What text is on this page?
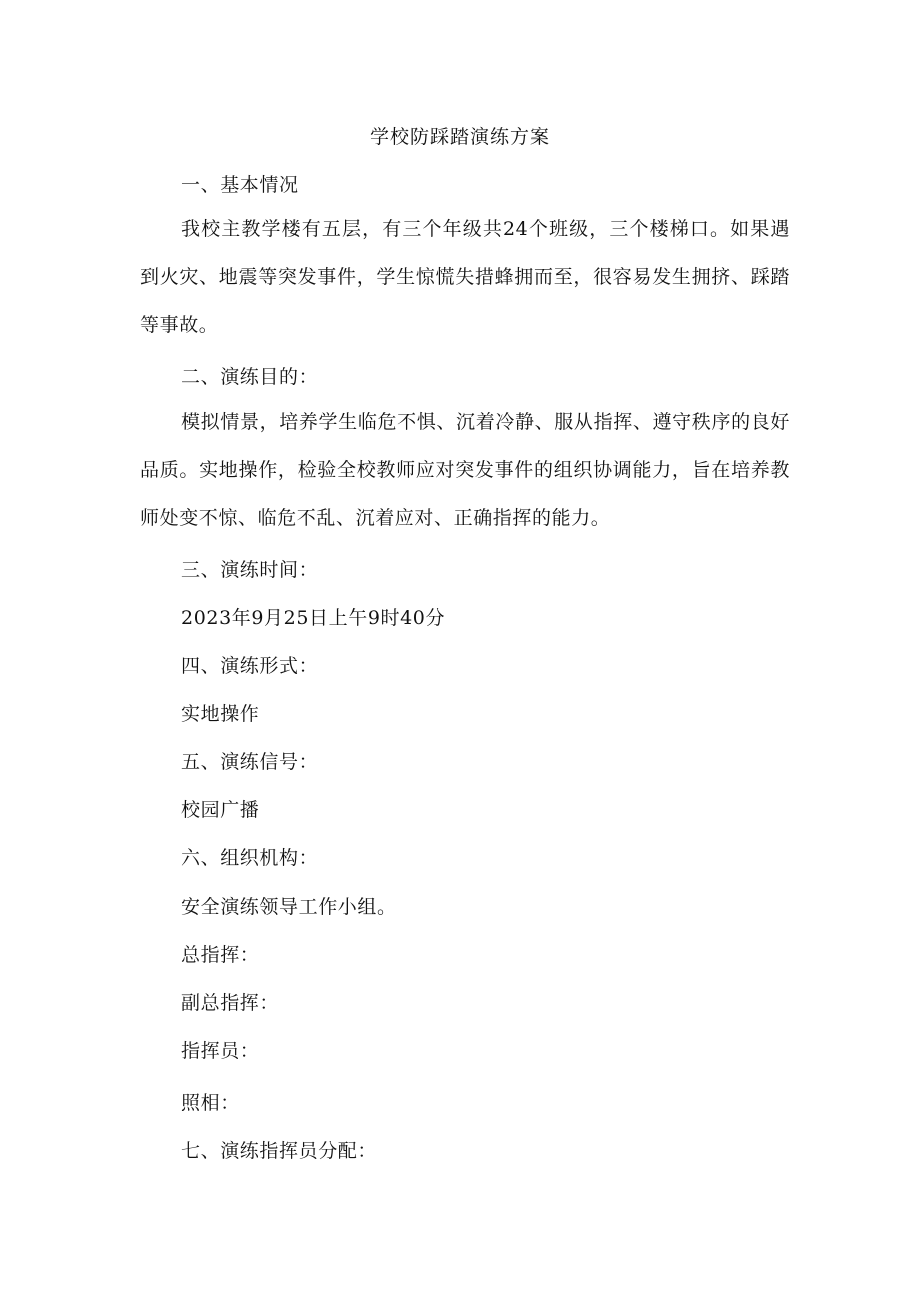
学校防踩踏演练方案
一、基本情况
我校主教学楼有五层，有三个年级共24个班级，三个楼梯口。如果遇到火灾、地震等突发事件，学生惊慌失措蜂拥而至，很容易发生拥挤、踩踏等事故。
二、演练目的：
模拟情景，培养学生临危不惧、沉着冷静、服从指挥、遵守秩序的良好品质。实地操作，检验全校教师应对突发事件的组织协调能力，旨在培养教师处变不惊、临危不乱、沉着应对、正确指挥的能力。
三、演练时间：
2023年9月25日上午9时40分
四、演练形式：
实地操作
五、演练信号：
校园广播
六、组织机构：
安全演练领导工作小组。
总指挥：
副总指挥：
指挥员：
照相：
七、演练指挥员分配：
